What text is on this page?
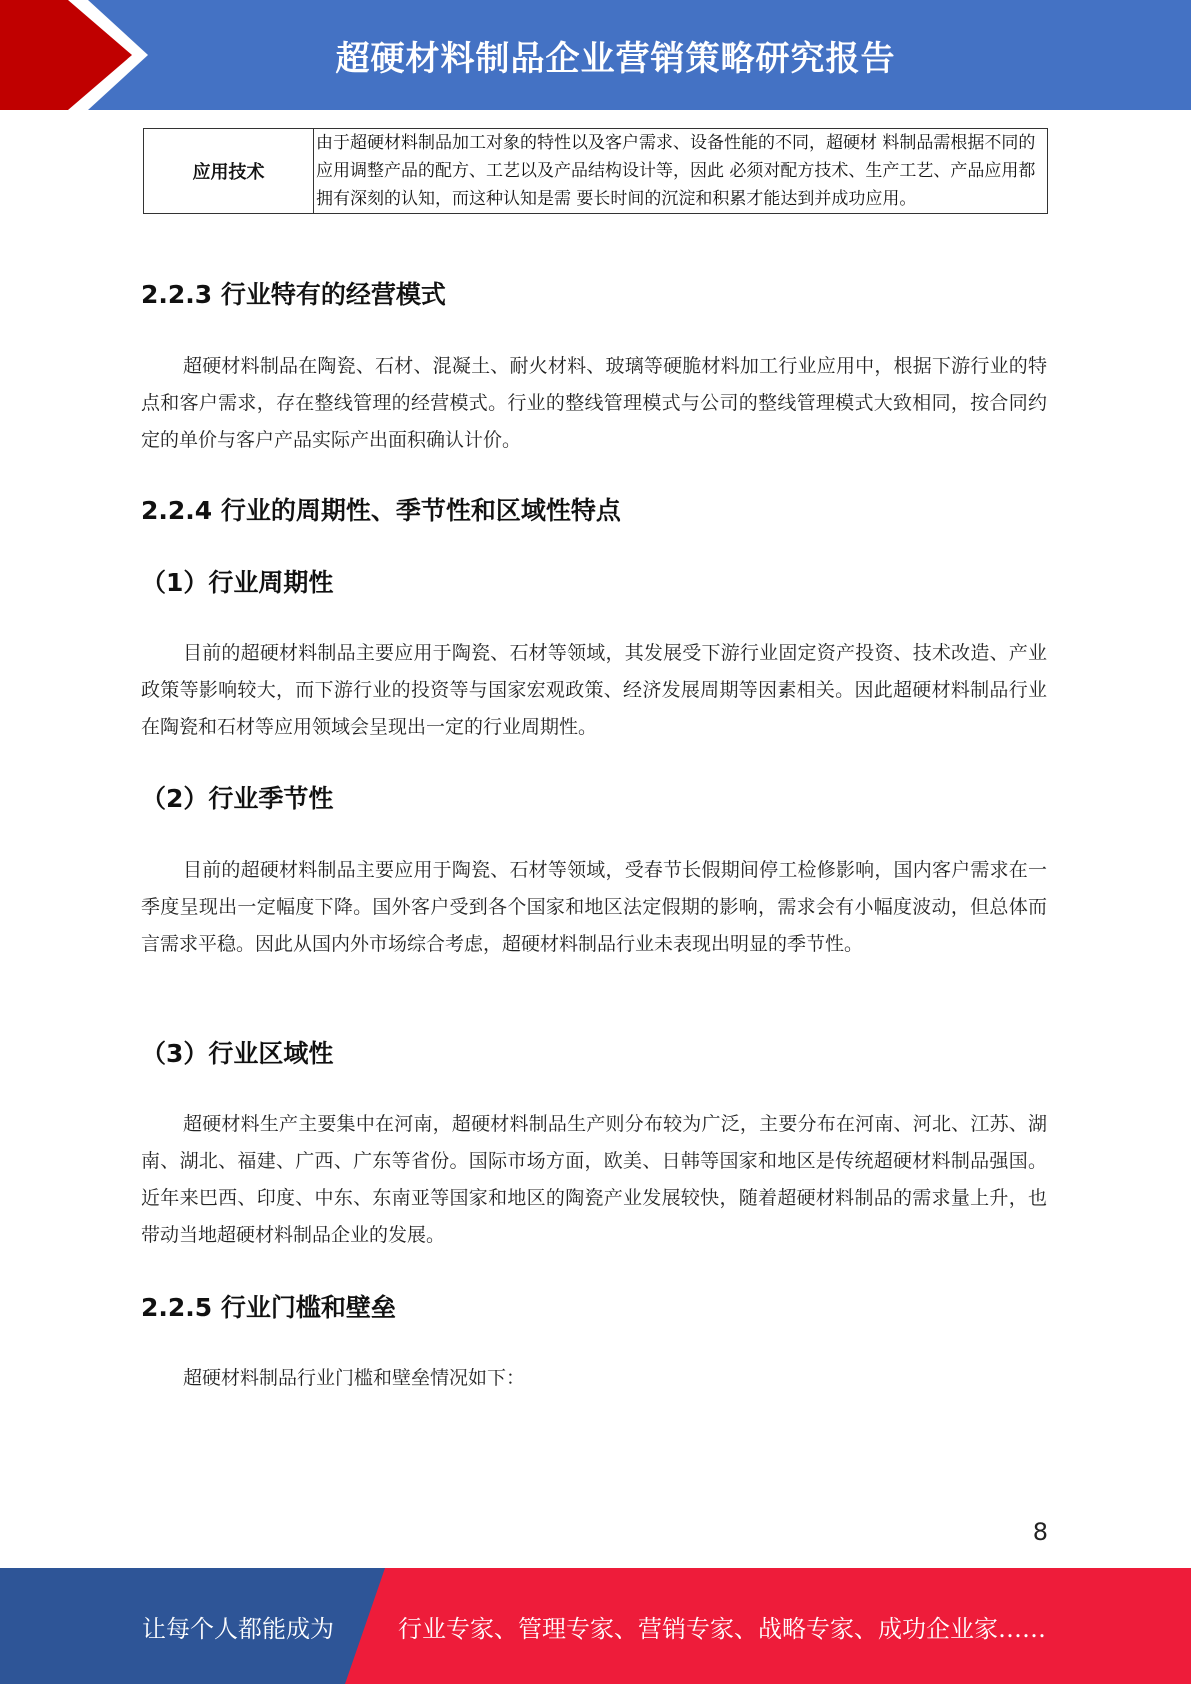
超硬材料制品企业营销策略研究报告
应用技术	由于超硬材料制品加工对象的特性以及客户需求、设备性能的不同，超硬材 料制品需根据不同的应用调整产品的配方、工艺以及产品结构设计等，因此 必须对配方技术、生产工艺、产品应用都拥有深刻的认知，而这种认知是需 要长时间的沉淀和积累才能达到并成功应用。
2.2.3 行业特有的经营模式

超硬材料制品在陶瓷、石材、混凝土、耐火材料、玻璃等硬脆材料加工行业应用中，根据下游行业的特点和客户需求，存在整线管理的经营模式。行业的整线管理模式与公司的整线管理模式大致相同，按合同约定的单价与客户产品实际产出面积确认计价。

2.2.4 行业的周期性、季节性和区域性特点
（1）行业周期性

目前的超硬材料制品主要应用于陶瓷、石材等领域，其发展受下游行业固定资产投资、技术改造、产业政策等影响较大，而下游行业的投资等与国家宏观政策、经济发展周期等因素相关。因此超硬材料制品行业在陶瓷和石材等应用领域会呈现出一定的行业周期性。

（2）行业季节性

目前的超硬材料制品主要应用于陶瓷、石材等领域，受春节长假期间停工检修影响，国内客户需求在一季度呈现出一定幅度下降。国外客户受到各个国家和地区法定假期的影响，需求会有小幅度波动，但总体而言需求平稳。因此从国内外市场综合考虑，超硬材料制品行业未表现出明显的季节性。

（3）行业区域性

超硬材料生产主要集中在河南，超硬材料制品生产则分布较为广泛，主要分布在河南、河北、江苏、湖南、湖北、福建、广西、广东等省份。国际市场方面，欧美、日韩等国家和地区是传统超硬材料制品强国。近年来巴西、印度、中东、东南亚等国家和地区的陶瓷产业发展较快，随着超硬材料制品的需求量上升，也带动当地超硬材料制品企业的发展。

2.2.5 行业门槛和壁垒

超硬材料制品行业门槛和壁垒情况如下：

8
让每个人都能成为	行业专家、管理专家、营销专家、战略专家、成功企业家……
